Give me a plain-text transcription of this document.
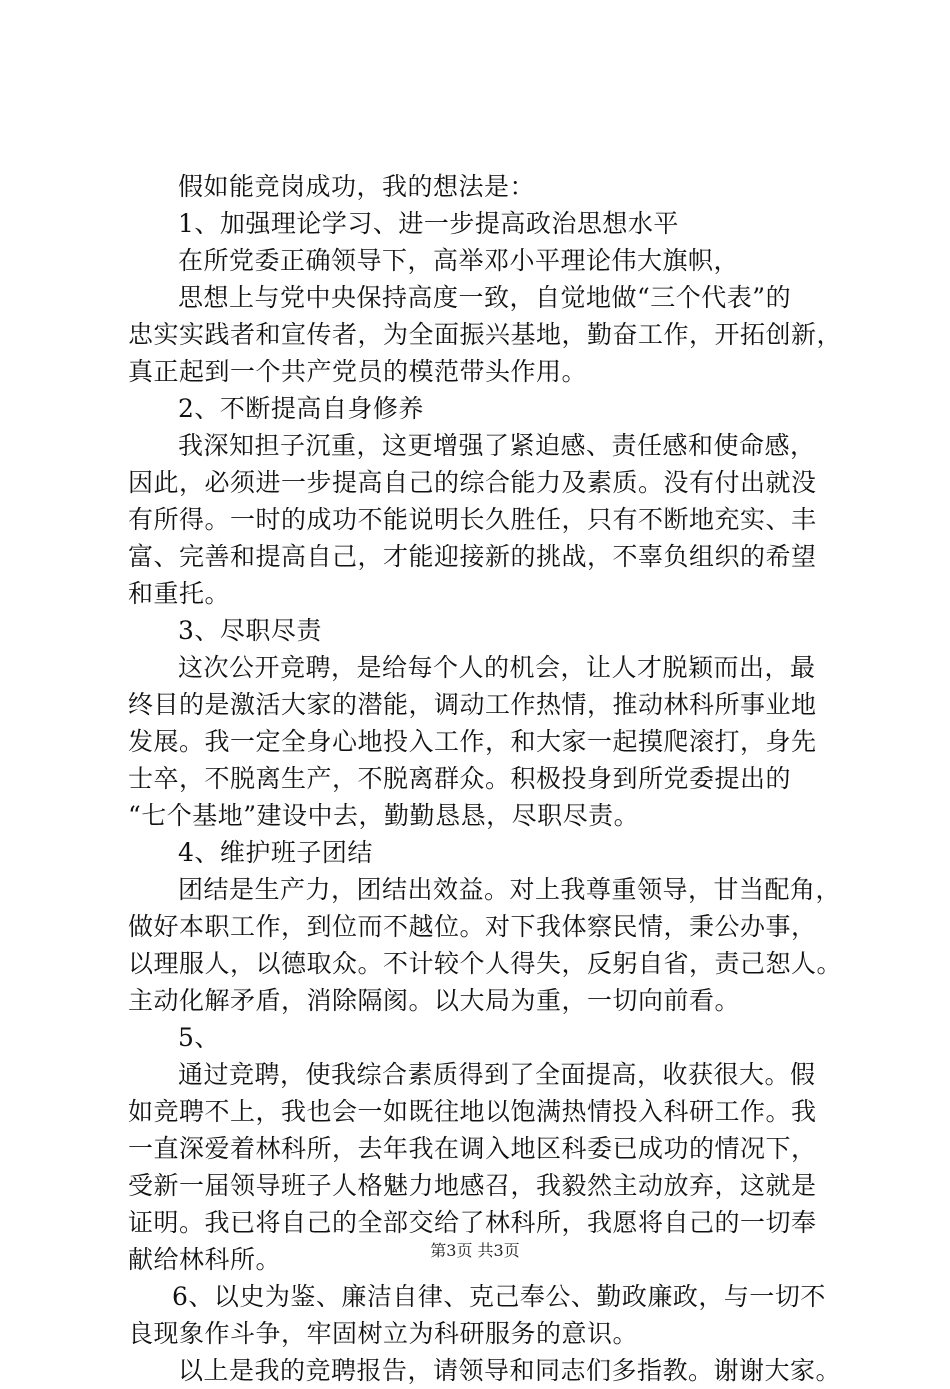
假如能竞岗成功，我的想法是：
1、加强理论学习、进一步提高政治思想水平
在所党委正确领导下，高举邓小平理论伟大旗帜，
思想上与党中央保持高度一致，自觉地做“三个代表”的
忠实实践者和宣传者，为全面振兴基地，勤奋工作，开拓创新，
真正起到一个共产党员的模范带头作用。
2、不断提高自身修养
我深知担子沉重，这更增强了紧迫感、责任感和使命感，
因此，必须进一步提高自己的综合能力及素质。没有付出就没
有所得。一时的成功不能说明长久胜任，只有不断地充实、丰
富、完善和提高自己，才能迎接新的挑战，不辜负组织的希望
和重托。
3、尽职尽责
这次公开竞聘，是给每个人的机会，让人才脱颖而出，最
终目的是激活大家的潜能，调动工作热情，推动林科所事业地
发展。我一定全身心地投入工作，和大家一起摸爬滚打，身先
士卒，不脱离生产，不脱离群众。积极投身到所党委提出的
“七个基地”建设中去，勤勤恳恳，尽职尽责。
4、维护班子团结
团结是生产力，团结出效益。对上我尊重领导，甘当配角，
做好本职工作，到位而不越位。对下我体察民情，秉公办事，
以理服人，以德取众。不计较个人得失，反躬自省，责己恕人。
主动化解矛盾，消除隔阂。以大局为重，一切向前看。
5、
通过竞聘，使我综合素质得到了全面提高，收获很大。假
如竞聘不上，我也会一如既往地以饱满热情投入科研工作。我
一直深爱着林科所，去年我在调入地区科委已成功的情况下，
受新一届领导班子人格魅力地感召，我毅然主动放弃，这就是
证明。我已将自己的全部交给了林科所，我愿将自己的一切奉
献给林科所。
6、以史为鉴、廉洁自律、克己奉公、勤政廉政，与一切不
良现象作斗争，牢固树立为科研服务的意识。
以上是我的竞聘报告，请领导和同志们多指教。谢谢大家。
第3页 共3页
